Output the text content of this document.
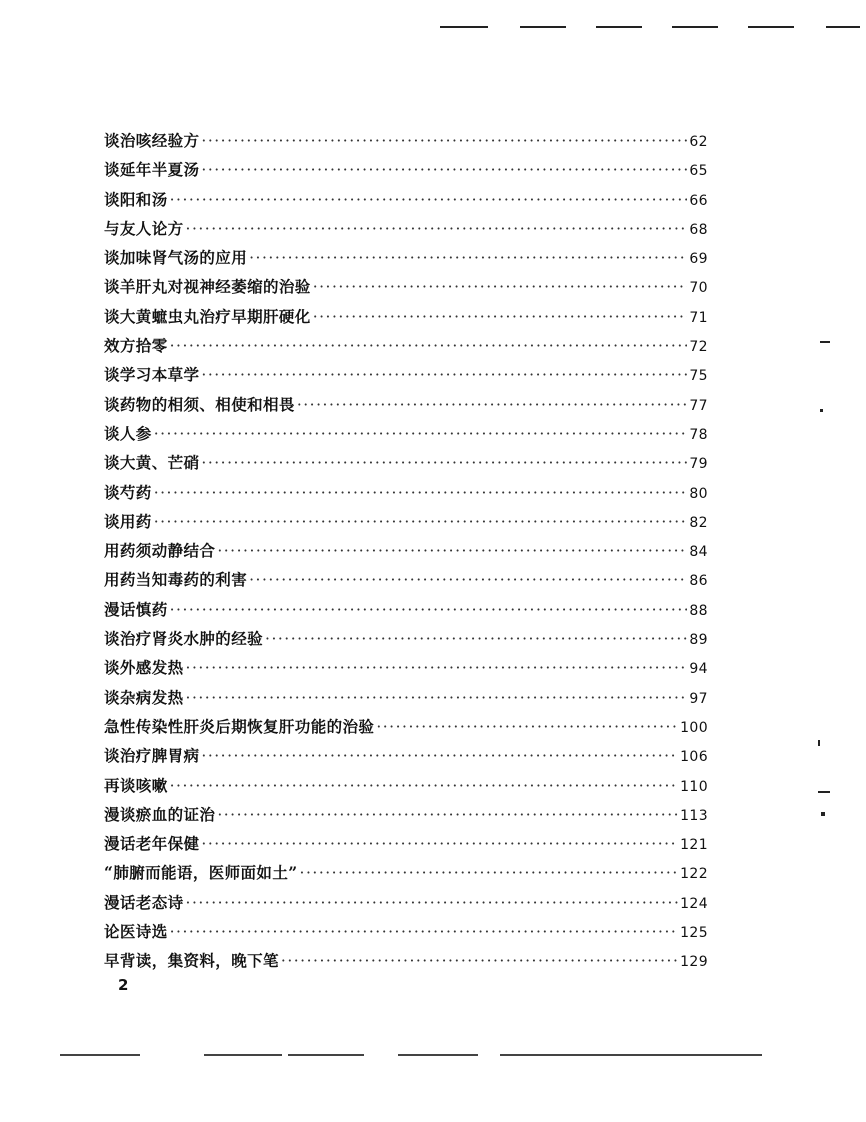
谈治咳经验方 ·····	62
谈延年半夏汤 ·····	65
谈阳和汤 ·····	66
与友人论方 ·····	68
谈加味肾气汤的应用 ·····	69
谈羊肝丸对视神经萎缩的治验 ·····	70
谈大黄蟅虫丸治疗早期肝硬化 ·····	71
效方拾零 ·····	72
谈学习本草学 ·····	75
谈药物的相须、相使和相畏 ·····	77
谈人参 ·····	78
谈大黄、芒硝 ·····	79
谈芍药 ·····	80
谈用药 ·····	82
用药须动静结合 ·····	84
用药当知毒药的利害 ·····	86
漫话慎药 ·····	88
谈治疗肾炎水肿的经验 ·····	89
谈外感发热 ·····	94
谈杂病发热 ·····	97
急性传染性肝炎后期恢复肝功能的治验 ·····	100
谈治疗脾胃病 ·····	106
再谈咳嗽 ·····	110
漫谈瘀血的证治 ·····	113
漫话老年保健 ·····	121
“肺腑而能语，医师面如土” ·····	122
漫话老态诗 ·····	124
论医诗选 ·····	125
早背读，集资料，晚下笔 ·····	129
2
